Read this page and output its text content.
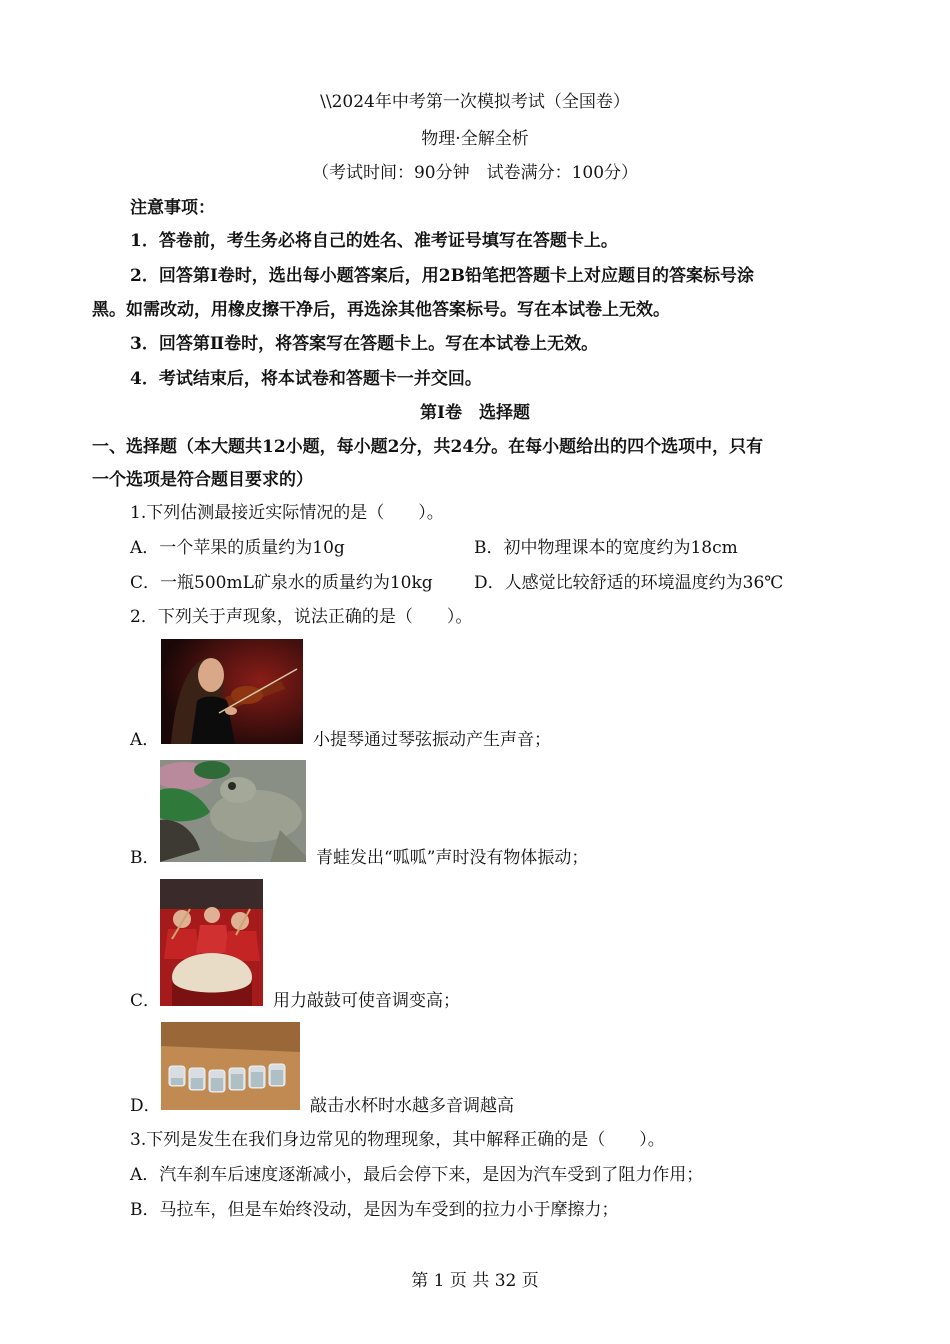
\\2024年中考第一次模拟考试（全国卷）
物理·全解全析
（考试时间：90分钟　试卷满分：100分）
注意事项：
1．答卷前，考生务必将自己的姓名、准考证号填写在答题卡上。
2．回答第Ⅰ卷时，选出每小题答案后，用2B铅笔把答题卡上对应题目的答案标号涂
黑。如需改动，用橡皮擦干净后，再选涂其他答案标号。写在本试卷上无效。
3．回答第Ⅱ卷时，将答案写在答题卡上。写在本试卷上无效。
4．考试结束后，将本试卷和答题卡一并交回。
第Ⅰ卷　选择题
一、选择题（本大题共12小题，每小题2分，共24分。在每小题给出的四个选项中，只有
一个选项是符合题目要求的）
1.下列估测最接近实际情况的是（　　）。
A．一个苹果的质量约为10g	B．初中物理课本的宽度约为18cm
C．一瓶500mL矿泉水的质量约为10kg D．人感觉比较舒适的环境温度约为36℃
2．下列关于声现象，说法正确的是（　　）。
A．	小提琴通过琴弦振动产生声音；
B．	青蛙发出“呱呱”声时没有物体振动；
C．	用力敲鼓可使音调变高；
D．	敲击水杯时水越多音调越高
3.下列是发生在我们身边常见的物理现象，其中解释正确的是（　　）。
A．汽车刹车后速度逐渐减小，最后会停下来，是因为汽车受到了阻力作用；
B．马拉车，但是车始终没动，是因为车受到的拉力小于摩擦力；
第 1 页 共 32 页
